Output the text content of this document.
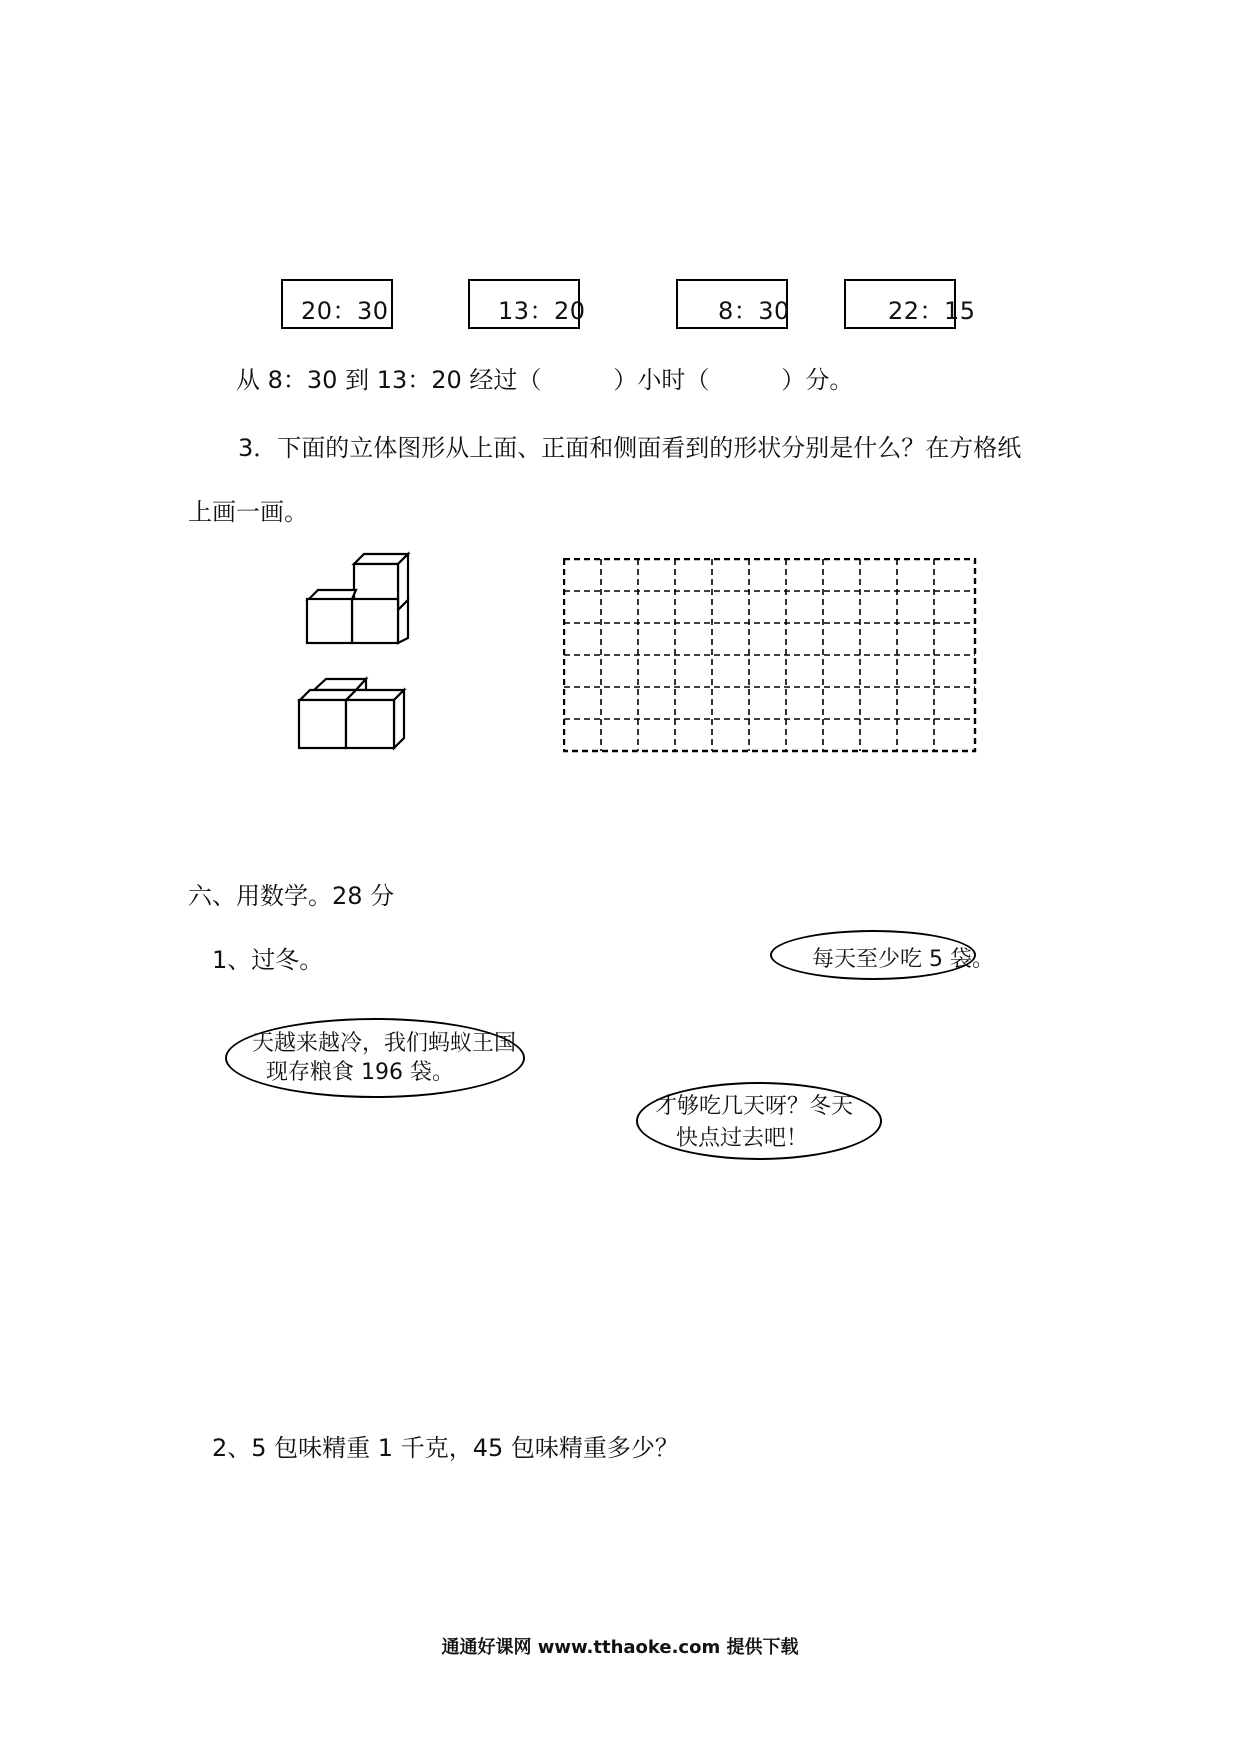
20：30	13：20	8：30	22：15
从 8：30 到 13：20 经过（　　　）小时（　　　）分。
3．下面的立体图形从上面、正面和侧面看到的形状分别是什么？在方格纸
上画一画。
六、用数学。28 分
1、过冬。	每天至少吃 5 袋。
天越来越冷，我们蚂蚁王国
现存粮食 196 袋。
才够吃几天呀？冬天
快点过去吧！
2、5 包味精重 1 千克，45 包味精重多少？
通通好课网 www.tthaoke.com 提供下载
